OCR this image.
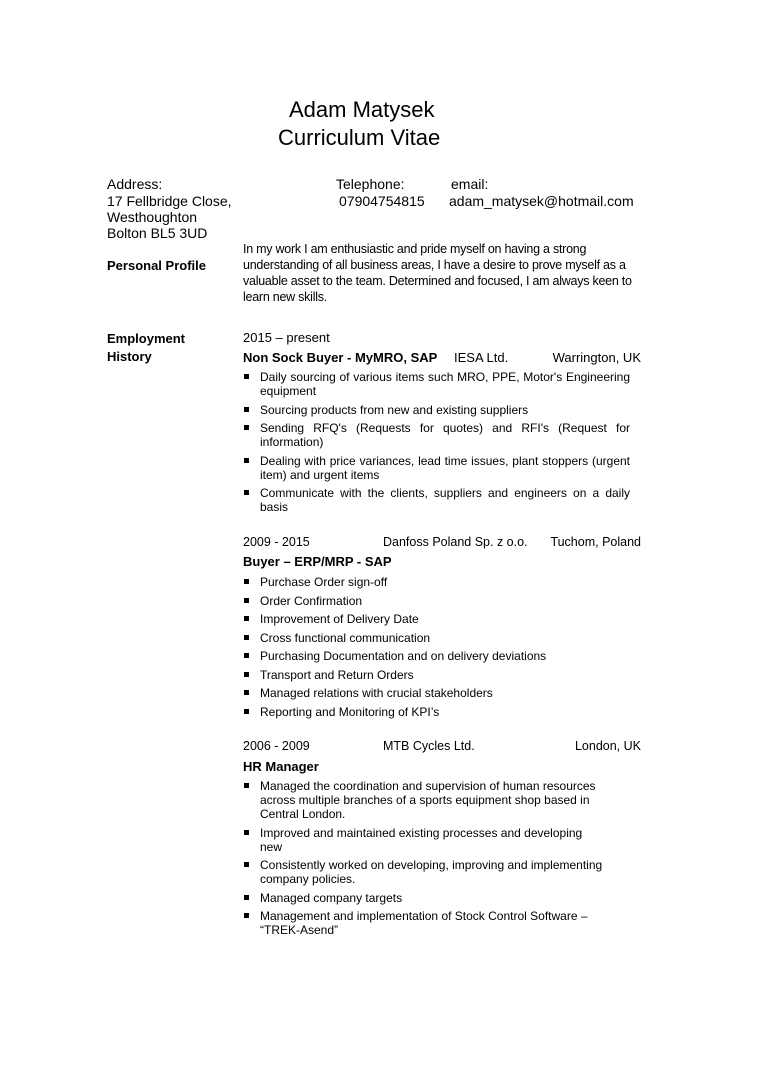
Adam Matysek
Curriculum Vitae
Address:
17 Fellbridge Close,
Westhoughton
Bolton BL5 3UD
Telephone:
07904754815
email:
adam_matysek@hotmail.com
Personal Profile
In my work I am enthusiastic and pride myself on having a strong
understanding of all business areas, I have a desire to prove myself as a
valuable asset to the team. Determined and focused, I am always keen to
learn new skills.
Employment
History
2015 – present
Non Sock Buyer - MyMRO, SAP IESA Ltd.	Warrington, UK
Daily sourcing of various items such MRO, PPE, Motor's Engineering equipment
Sourcing products from new and existing suppliers
Sending RFQ's (Requests for quotes) and RFI's (Request for information)
Dealing with price variances, lead time issues, plant stoppers (urgent item) and urgent items
Communicate with the clients, suppliers and engineers on a daily basis
2009 - 2015	Danfoss Poland Sp. z o.o.	Tuchom, Poland
Buyer – ERP/MRP - SAP
Purchase Order sign-off
Order Confirmation
Improvement of Delivery Date
Cross functional communication
Purchasing Documentation and on delivery deviations
Transport and Return Orders
Managed relations with crucial stakeholders
Reporting and Monitoring of KPI’s
2006 - 2009	MTB Cycles Ltd.	London, UK
HR Manager
Managed the coordination and supervision of human resources across multiple branches of a sports equipment shop based in Central London.
Improved and maintained existing processes and developing new
Consistently worked on developing, improving and implementing company policies.
Managed company targets
Management and implementation of Stock Control Software – “TREK-Asend”
